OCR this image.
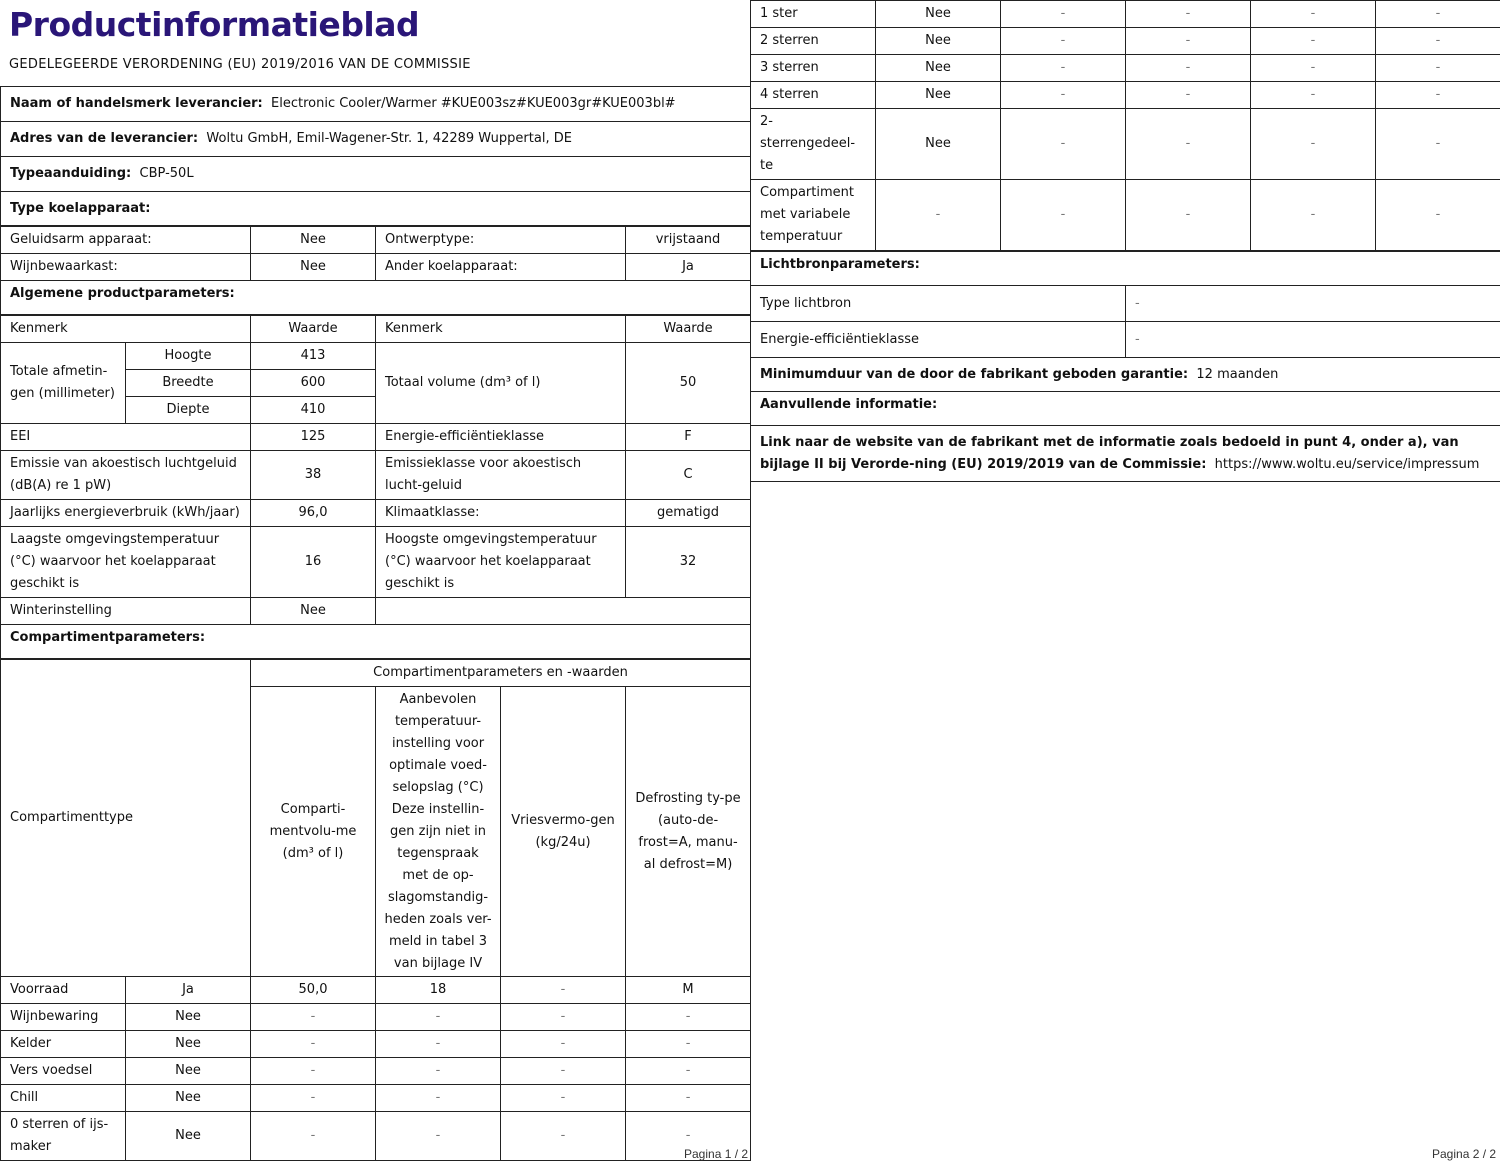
Productinformatieblad
GEDELEGEERDE VERORDENING (EU) 2019/2016 VAN DE COMMISSIE
Naam of handelsmerk leverancier: Electronic Cooler/Warmer #KUE003sz#KUE003gr#KUE003bl#
Adres van de leverancier: Woltu GmbH, Emil-Wagener-Str. 1, 42289 Wuppertal, DE
Typeaanduiding: CBP-50L
Type koelapparaat:
Geluidsarm apparaat:	Nee	Ontwerptype:	vrijstaand
Wijnbewaarkast:	Nee	Ander koelapparaat:	Ja
Algemene productparameters:			
Kenmerk		Waarde	Kenmerk	Waarde
Totale afmetin-gen (millimeter)	Hoogte	413	Totaal volume (dm³ of l)	50
	Breedte	600		
	Diepte	410		
EEI		125	Energie-efficiëntieklasse	F
Emissie van akoestisch luchtgeluid (dB(A) re 1 pW)		38	Emissieklasse voor akoestisch lucht-geluid	C
Jaarlijks energieverbruik (kWh/jaar)		96,0	Klimaatklasse:	gematigd
Laagste omgevingstemperatuur (°C) waarvoor het koelapparaat geschikt is		16	Hoogste omgevingstemperatuur (°C) waarvoor het koelapparaat geschikt is	32
Winterinstelling		Nee		
Compartimentparameters:				
Compartimenttype		Compartimentparameters en -waarden			
		Comparti-mentvolu-me (dm³ of l)	Aanbevolen temperatuur-instelling voor optimale voed-selopslag (°C) Deze instellin-gen zijn niet in tegenspraak met de op-slagomstandig-heden zoals ver-meld in tabel 3 van bijlage IV	Vriesvermo-gen (kg/24u)	Defrosting ty-pe (auto-de-frost=A, manu-al defrost=M)
Voorraad	Ja	50,0	18	-	M
Wijnbewaring	Nee	-	-	-	-
Kelder	Nee	-	-	-	-
Vers voedsel	Nee	-	-	-	-
Chill	Nee	-	-	-	-
0 sterren of ijs-maker	Nee	-	-	-	-
1 ster	Nee	-	-	-	-
2 sterren	Nee	-	-	-	-
3 sterren	Nee	-	-	-	-
4 sterren	Nee	-	-	-	-
2-sterrengedeel-te	Nee	-	-	-	-
Compartiment met variabele temperatuur	-	-	-	-	-
Lichtbronparameters:	
Type lichtbron	-
Energie-efficiëntieklasse	-
Minimumduur van de door de fabrikant geboden garantie: 12 maanden	
Aanvullende informatie:	
Link naar de website van de fabrikant met de informatie zoals bedoeld in punt 4, onder a), van bijlage II bij Verorde-ning (EU) 2019/2019 van de Commissie: https://www.woltu.eu/service/impressum	
Pagina 1 / 2	Pagina 2 / 2
